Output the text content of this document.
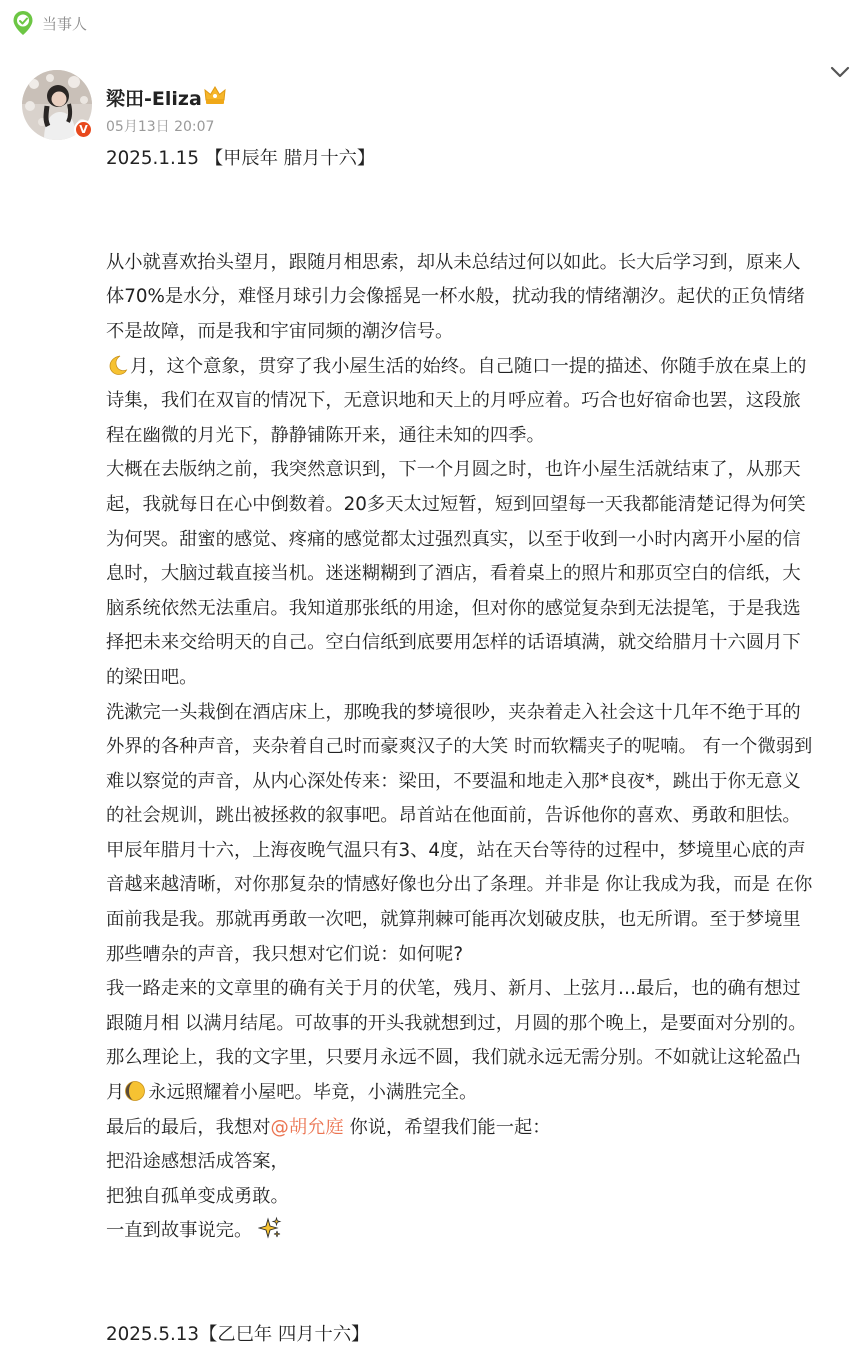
当事人
V
梁田-Eliza
05月13日 20:07

2025.1.15 【甲辰年 腊月十六】

从小就喜欢抬头望月，跟随月相思索，却从未总结过何以如此。长大后学习到，原来人

体70%是水分，难怪月球引力会像摇晃一杯水般，扰动我的情绪潮汐。起伏的正负情绪

不是故障，而是我和宇宙同频的潮汐信号。

月，这个意象，贯穿了我小屋生活的始终。自己随口一提的描述、你随手放在桌上的

诗集，我们在双盲的情况下，无意识地和天上的月呼应着。巧合也好宿命也罢，这段旅

程在幽微的月光下，静静铺陈开来，通往未知的四季。

大概在去版纳之前，我突然意识到，下一个月圆之时，也许小屋生活就结束了，从那天

起，我就每日在心中倒数着。20多天太过短暂，短到回望每一天我都能清楚记得为何笑

为何哭。甜蜜的感觉、疼痛的感觉都太过强烈真实，以至于收到一小时内离开小屋的信

息时，大脑过载直接当机。迷迷糊糊到了酒店，看着桌上的照片和那页空白的信纸，大

脑系统依然无法重启。我知道那张纸的用途，但对你的感觉复杂到无法提笔，于是我选

择把未来交给明天的自己。空白信纸到底要用怎样的话语填满，就交给腊月十六圆月下

的梁田吧。

洗漱完一头栽倒在酒店床上，那晚我的梦境很吵，夹杂着走入社会这十几年不绝于耳的

外界的各种声音，夹杂着自己时而豪爽汉子的大笑 时而软糯夹子的呢喃。 有一个微弱到

难以察觉的声音，从内心深处传来：梁田，不要温和地走入那*良夜*，跳出于你无意义

的社会规训，跳出被拯救的叙事吧。昂首站在他面前，告诉他你的喜欢、勇敢和胆怯。

甲辰年腊月十六，上海夜晚气温只有3、4度，站在天台等待的过程中，梦境里心底的声

音越来越清晰，对你那复杂的情感好像也分出了条理。并非是 你让我成为我，而是 在你

面前我是我。那就再勇敢一次吧，就算荆棘可能再次划破皮肤，也无所谓。至于梦境里

那些嘈杂的声音，我只想对它们说：如何呢?

我一路走来的文章里的确有关于月的伏笔，残月、新月、上弦月…最后，也的确有想过

跟随月相 以满月结尾。可故事的开头我就想到过，月圆的那个晚上，是要面对分别的。

那么理论上，我的文字里，只要月永远不圆，我们就永远无需分别。不如就让这轮盈凸

月 永远照耀着小屋吧。毕竟，小满胜完全。

最后的最后，我想对@胡允庭 你说，希望我们能一起：

把沿途感想活成答案，

把独自孤单变成勇敢。

一直到故事说完。

2025.5.13【乙巳年 四月十六】
